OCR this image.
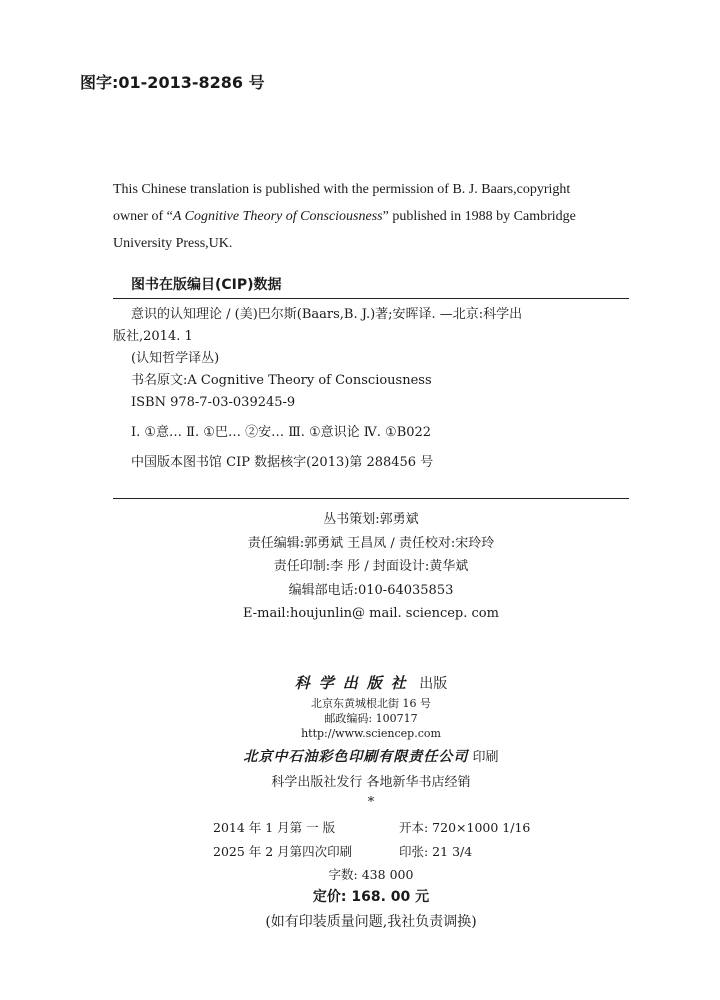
图字:01-2013-8286 号
This Chinese translation is published with the permission of B. J. Baars,copyright
owner of “A Cognitive Theory of Consciousness” published in 1988 by Cambridge
University Press,UK.
图书在版编目(CIP)数据
意识的认知理论 / (美)巴尔斯(Baars,B. J.)著;安晖译. —北京:科学出
版社,2014. 1
(认知哲学译丛)
书名原文:A Cognitive Theory of Consciousness
ISBN 978-7-03-039245-9
Ⅰ. ①意… Ⅱ. ①巴… ②安… Ⅲ. ①意识论 Ⅳ. ①B022
中国版本图书馆 CIP 数据核字(2013)第 288456 号
丛书策划:郭勇斌
责任编辑:郭勇斌 王昌凤 / 责任校对:宋玲玲
责任印制:李 彤 / 封面设计:黄华斌
编辑部电话:010-64035853
E-mail:houjunlin@ mail. sciencep. com
科学出版社 出版
北京东黄城根北街 16 号
邮政编码: 100717
http://www.sciencep.com
北京中石油彩色印刷有限责任公司 印刷
科学出版社发行 各地新华书店经销
*
2014 年 1 月第 一 版	开本: 720×1000 1/16
2025 年 2 月第四次印刷	印张: 21 3/4
字数: 438 000
定价: 168. 00 元
(如有印装质量问题,我社负责调换)
